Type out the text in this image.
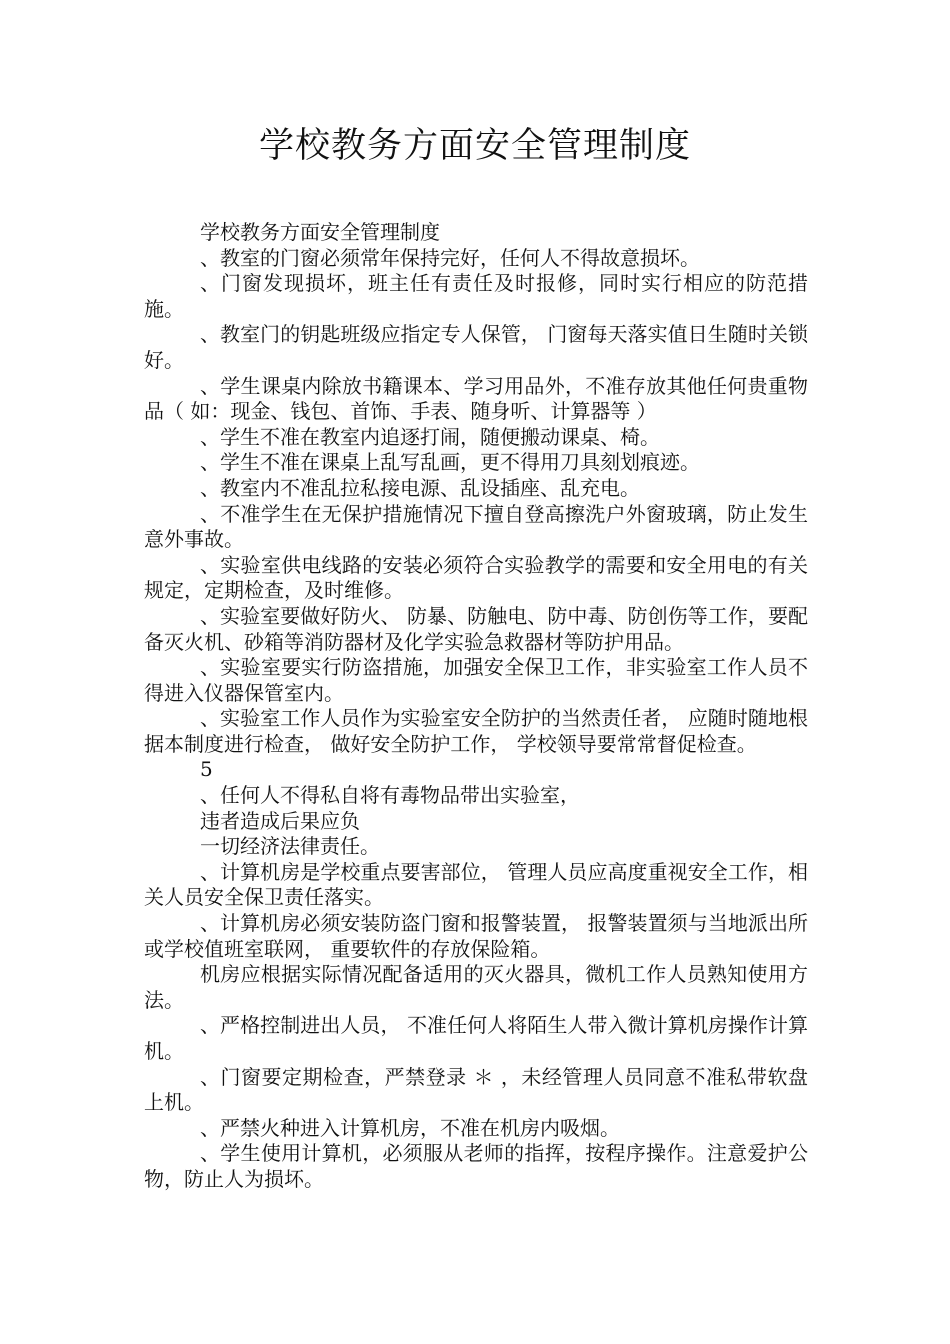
学校教务方面安全管理制度

学校教务方面安全管理制度

、教室的门窗必须常年保持完好，任何人不得故意损坏。

、门窗发现损坏，班主任有责任及时报修，同时实行相应的防范措施。

、教室门的钥匙班级应指定专人保管， 门窗每天落实值日生随时关锁好。

、学生课桌内除放书籍课本、学习用品外，不准存放其他任何贵重物品（ 如：现金、钱包、首饰、手表、随身听、计算器等 ）

、学生不准在教室内追逐打闹，随便搬动课桌、椅。

、学生不准在课桌上乱写乱画，更不得用刀具刻划痕迹。

、教室内不准乱拉私接电源、乱设插座、乱充电。

、不准学生在无保护措施情况下擅自登高擦洗户外窗玻璃，防止发生意外事故。

、实验室供电线路的安装必须符合实验教学的需要和安全用电的有关规定，定期检查，及时维修。

、实验室要做好防火、 防暴、防触电、防中毒、防创伤等工作，要配备灭火机、砂箱等消防器材及化学实验急救器材等防护用品。

、实验室要实行防盗措施，加强安全保卫工作，非实验室工作人员不得进入仪器保管室内。

、实验室工作人员作为实验室安全防护的当然责任者， 应随时随地根据本制度进行检查， 做好安全防护工作， 学校领导要常常督促检查。

5

、任何人不得私自将有毒物品带出实验室，

违者造成后果应负

一切经济法律责任。

、计算机房是学校重点要害部位， 管理人员应高度重视安全工作，相关人员安全保卫责任落实。

、计算机房必须安装防盗门窗和报警装置， 报警装置须与当地派出所或学校值班室联网， 重要软件的存放保险箱。

机房应根据实际情况配备适用的灭火器具，微机工作人员熟知使用方法。

、严格控制进出人员， 不准任何人将陌生人带入微计算机房操作计算机。

、门窗要定期检查，严禁登录 ＊ ，未经管理人员同意不准私带软盘上机。

、严禁火种进入计算机房，不准在机房内吸烟。

、学生使用计算机，必须服从老师的指挥，按程序操作。注意爱护公物，防止人为损坏。
